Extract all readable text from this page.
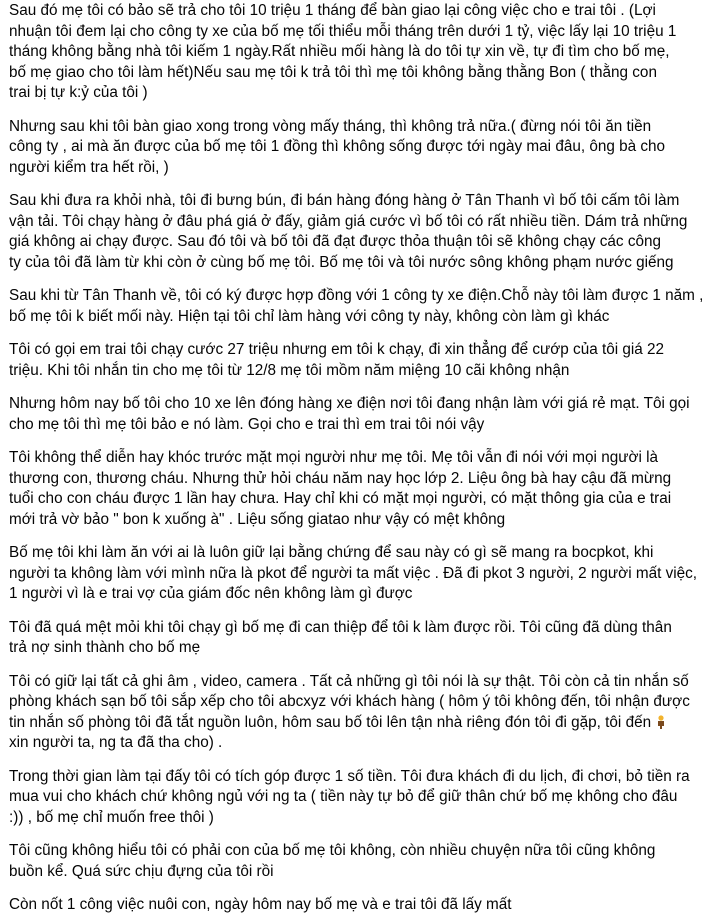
Sau đó mẹ tôi có bảo sẽ trả cho tôi 10 triệu 1 tháng để bàn giao lại công việc cho e trai tôi . (Lợi
nhuận tôi đem lại cho công ty xe của bố mẹ tối thiểu mỗi tháng trên dưới 1 tỷ, việc lấy lại 10 triệu 1
tháng không bằng nhà tôi kiếm 1 ngày.Rất nhiều mối hàng là do tôi tự xin về, tự đi tìm cho bố mẹ,
bố mẹ giao cho tôi làm hết)Nếu sau mẹ tôi k trả tôi thì mẹ tôi không bằng thằng Bon ( thằng con
trai bị tự k:ỷ của tôi )
Nhưng sau khi tôi bàn giao xong trong vòng mấy tháng, thì không trả nữa.( đừng nói tôi ăn tiền
công ty , ai mà ăn được của bố mẹ tôi 1 đồng thì không sống được tới ngày mai đâu, ông bà cho
người kiểm tra hết rồi, )
Sau khi đưa ra khỏi nhà, tôi đi bưng bún, đi bán hàng đóng hàng ở Tân Thanh vì bố tôi cấm tôi làm
vận tải. Tôi chạy hàng ở đâu phá giá ở đấy, giảm giá cước vì bố tôi có rất nhiều tiền. Dám trả những
giá không ai chạy được. Sau đó tôi và bố tôi đã đạt được thỏa thuận tôi sẽ không chạy các công
ty của tôi đã làm từ khi còn ở cùng bố mẹ tôi. Bố mẹ tôi và tôi nước sông không phạm nước giếng
Sau khi từ Tân Thanh về, tôi có ký được hợp đồng với 1 công ty xe điện.Chỗ này tôi làm được 1 năm ,
bố mẹ tôi k biết mối này. Hiện tại tôi chỉ làm hàng với công ty này, không còn làm gì khác
Tôi có gọi em trai tôi chạy cước 27 triệu nhưng em tôi k chạy, đi xin thẳng để cướp của tôi giá 22
triệu. Khi tôi nhắn tin cho mẹ tôi từ 12/8 mẹ tôi mồm năm miệng 10 cãi không nhận
Nhưng hôm nay bố tôi cho 10 xe lên đóng hàng xe điện nơi tôi đang nhận làm với giá rẻ mạt. Tôi gọi
cho mẹ tôi thì mẹ tôi bảo e nó làm. Gọi cho e trai thì em trai tôi nói vậy
Tôi không thể diễn hay khóc trước mặt mọi người như mẹ tôi. Mẹ tôi vẫn đi nói với mọi người là
thương con, thương cháu. Nhưng thử hỏi cháu năm nay học lớp 2. Liệu ông bà hay cậu đã mừng
tuổi cho con cháu được 1 lần hay chưa. Hay chỉ khi có mặt mọi người, có mặt thông gia của e trai
mới trả vờ bảo " bon k xuống à" . Liệu sống giatao như vậy có mệt không
Bố mẹ tôi khi làm ăn với ai là luôn giữ lại bằng chứng để sau này có gì sẽ mang ra bocpkot, khi
người ta không làm với mình nữa là pkot để người ta mất việc . Đã đi pkot 3 người, 2 người mất việc,
1 người vì là e trai vợ của giám đốc nên không làm gì được
Tôi đã quá mệt mỏi khi tôi chạy gì bố mẹ đi can thiệp để tôi k làm được rồi. Tôi cũng đã dùng thân
trả nợ sinh thành cho bố mẹ
Tôi có giữ lại tất cả ghi âm , video, camera . Tất cả những gì tôi nói là sự thật. Tôi còn cả tin nhắn số
phòng khách sạn bố tôi sắp xếp cho tôi abcxyz với khách hàng ( hôm ý tôi không đến, tôi nhận được
tin nhắn số phòng tôi đã tắt nguồn luôn, hôm sau bố tôi lên tận nhà riêng đón tôi đi gặp, tôi đến

xin người ta, ng ta đã tha cho) .
Trong thời gian làm tại đấy tôi có tích góp được 1 số tiền. Tôi đưa khách đi du lịch, đi chơi, bỏ tiền ra
mua vui cho khách chứ không ngủ với ng ta ( tiền này tự bỏ để giữ thân chứ bố mẹ không cho đâu
:)) , bố mẹ chỉ muốn free thôi )
Tôi cũng không hiểu tôi có phải con của bố mẹ tôi không, còn nhiều chuyện nữa tôi cũng không
buồn kể. Quá sức chịu đựng của tôi rồi
Còn nốt 1 công việc nuôi con, ngày hôm nay bố mẹ và e trai tôi đã lấy mất
